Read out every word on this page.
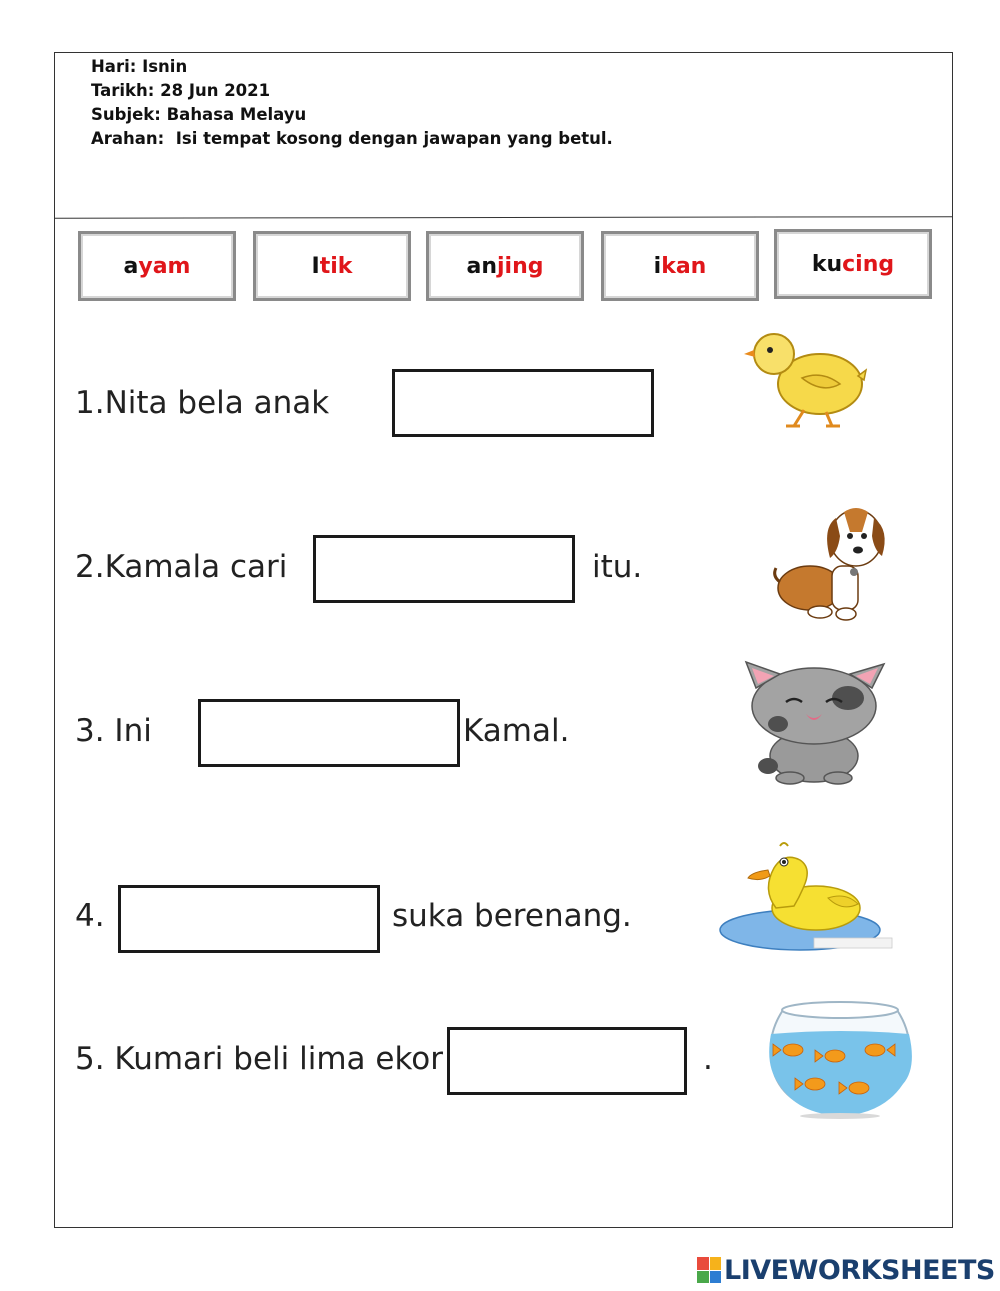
Hari: Isnin
Tarikh: 28 Jun 2021
Subjek: Bahasa Melayu
Arahan:  Isi tempat kosong dengan jawapan yang betul.
a yam	I tik	an jing	i kan	ku cing
1.Nita bela anak
2.Kamala cari	itu.
3. Ini	Kamal.
4.	suka berenang.
5. Kumari beli lima ekor	.
LIVEWORKSHEETS
